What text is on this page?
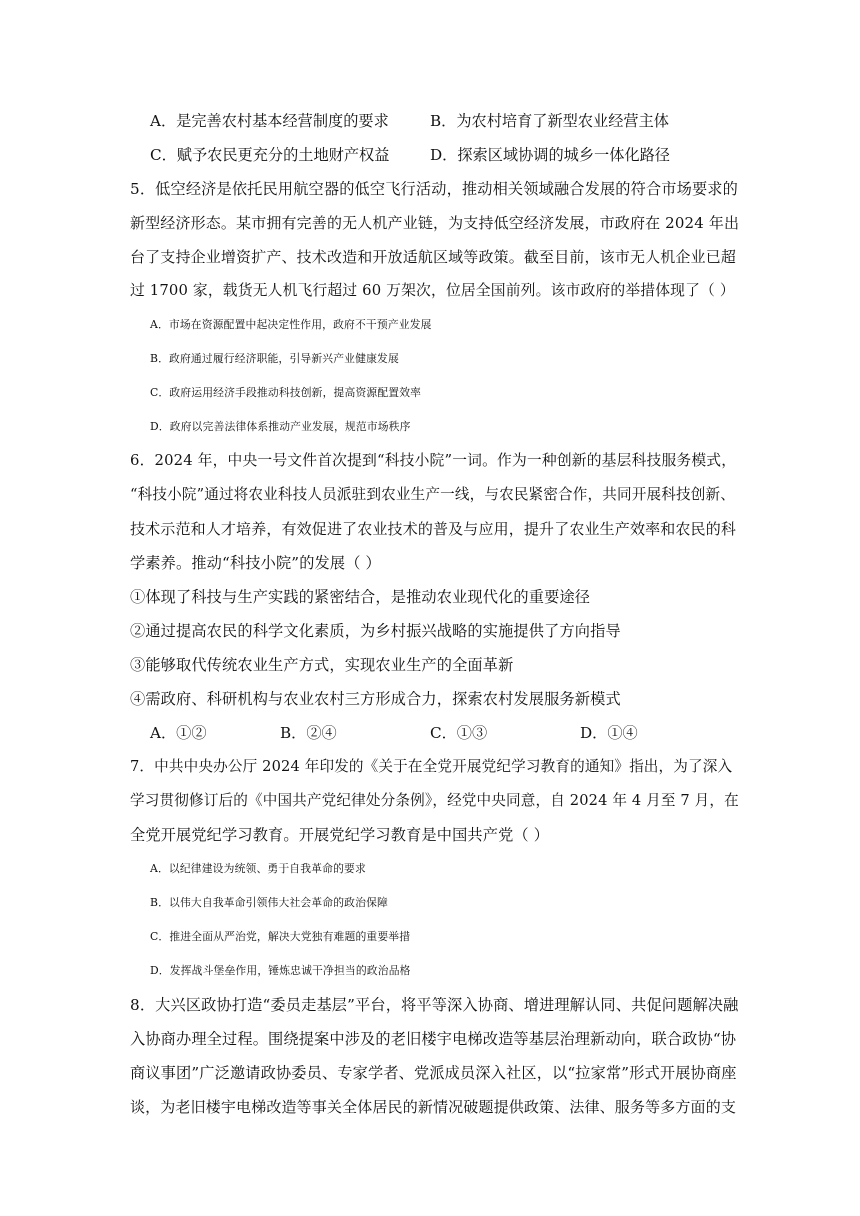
A．是完善农村基本经营制度的要求	B．为农村培育了新型农业经营主体
C．赋予农民更充分的土地财产权益	D．探索区域协调的城乡一体化路径
5．低空经济是依托民用航空器的低空飞行活动，推动相关领域融合发展的符合市场要求的
新型经济形态。某市拥有完善的无人机产业链，为支持低空经济发展，市政府在 2024 年出
台了支持企业增资扩产、技术改造和开放适航区域等政策。截至目前，该市无人机企业已超
过 1700 家，载货无人机飞行超过 60 万架次，位居全国前列。该市政府的举措体现了（ ）
A．市场在资源配置中起决定性作用，政府不干预产业发展
B．政府通过履行经济职能，引导新兴产业健康发展
C．政府运用经济手段推动科技创新，提高资源配置效率
D．政府以完善法律体系推动产业发展，规范市场秩序
6．2024 年，中央一号文件首次提到“科技小院”一词。作为一种创新的基层科技服务模式，
“科技小院”通过将农业科技人员派驻到农业生产一线，与农民紧密合作，共同开展科技创新、
技术示范和人才培养，有效促进了农业技术的普及与应用，提升了农业生产效率和农民的科
学素养。推动“科技小院”的发展（ ）
①体现了科技与生产实践的紧密结合，是推动农业现代化的重要途径
②通过提高农民的科学文化素质，为乡村振兴战略的实施提供了方向指导
③能够取代传统农业生产方式，实现农业生产的全面革新
④需政府、科研机构与农业农村三方形成合力，探索农村发展服务新模式
A．①②	B．②④	C．①③	D．①④
7．中共中央办公厅 2024 年印发的《关于在全党开展党纪学习教育的通知》指出，为了深入
学习贯彻修订后的《中国共产党纪律处分条例》，经党中央同意，自 2024 年 4 月至 7 月，在
全党开展党纪学习教育。开展党纪学习教育是中国共产党（ ）
A．以纪律建设为统领、勇于自我革命的要求
B．以伟大自我革命引领伟大社会革命的政治保障
C．推进全面从严治党，解决大党独有难题的重要举措
D．发挥战斗堡垒作用，锤炼忠诚干净担当的政治品格
8．大兴区政协打造“委员走基层”平台，将平等深入协商、增进理解认同、共促问题解决融
入协商办理全过程。围绕提案中涉及的老旧楼宇电梯改造等基层治理新动向，联合政协“协
商议事团”广泛邀请政协委员、专家学者、党派成员深入社区，以“拉家常”形式开展协商座
谈，为老旧楼宇电梯改造等事关全体居民的新情况破题提供政策、法律、服务等多方面的支
